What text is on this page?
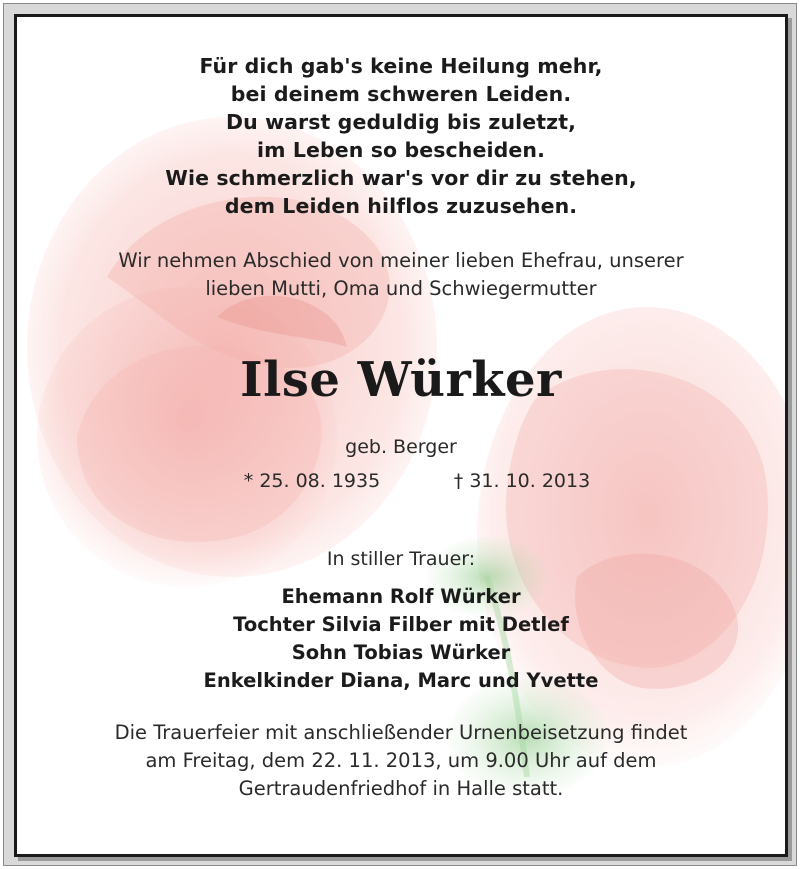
Für dich gab's keine Heilung mehr,
bei deinem schweren Leiden.
Du warst geduldig bis zuletzt,
im Leben so bescheiden.
Wie schmerzlich war's vor dir zu stehen,
dem Leiden hilflos zuzusehen.
Wir nehmen Abschied von meiner lieben Ehefrau, unserer
lieben Mutti, Oma und Schwiegermutter
Ilse Würker
geb. Berger
* 25. 08. 1935	† 31. 10. 2013
In stiller Trauer:
Ehemann Rolf Würker
Tochter Silvia Filber mit Detlef
Sohn Tobias Würker
Enkelkinder Diana, Marc und Yvette
Die Trauerfeier mit anschließender Urnenbeisetzung findet
am Freitag, dem 22. 11. 2013, um 9.00 Uhr auf dem
Gertraudenfriedhof in Halle statt.
